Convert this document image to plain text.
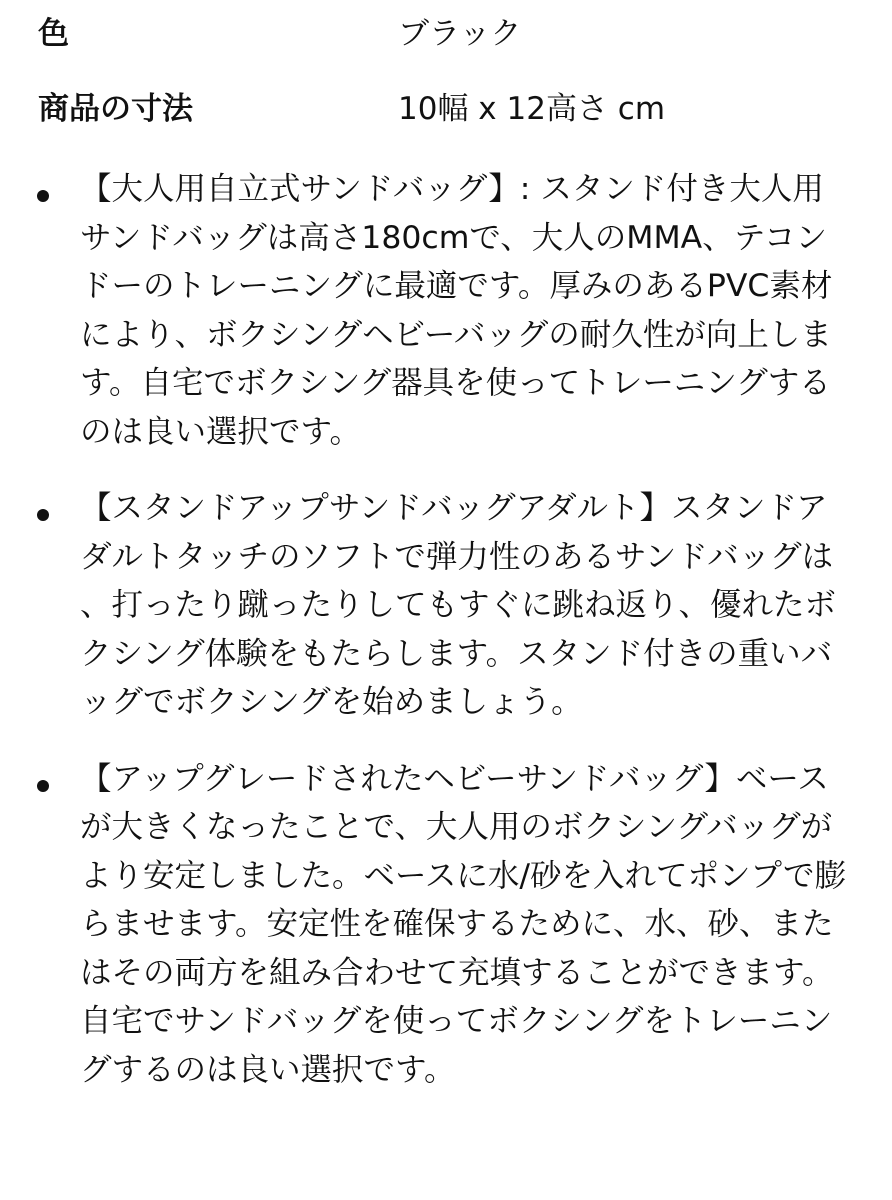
色	ブラック
商品の寸法	10幅 x 12高さ cm
【大人用自立式サンドバッグ】: スタンド付き大人用サンドバッグは高さ180cmで、大人のMMA、テコンドーのトレーニングに最適です。厚みのあるPVC素材により、ボクシングヘビーバッグの耐久性が向上します。自宅でボクシング器具を使ってトレーニングするのは良い選択です。
【スタンドアップサンドバッグアダルト】スタンドアダルトタッチのソフトで弾力性のあるサンドバッグは、打ったり蹴ったりしてもすぐに跳ね返り、優れたボクシング体験をもたらします。スタンド付きの重いバッグでボクシングを始めましょう。
【アップグレードされたヘビーサンドバッグ】ベースが大きくなったことで、大人用のボクシングバッグがより安定しました。ベースに水/砂を入れてポンプで膨らませます。安定性を確保するために、水、砂、またはその両方を組み合わせて充填することができます。自宅でサンドバッグを使ってボクシングをトレーニングするのは良い選択です。
